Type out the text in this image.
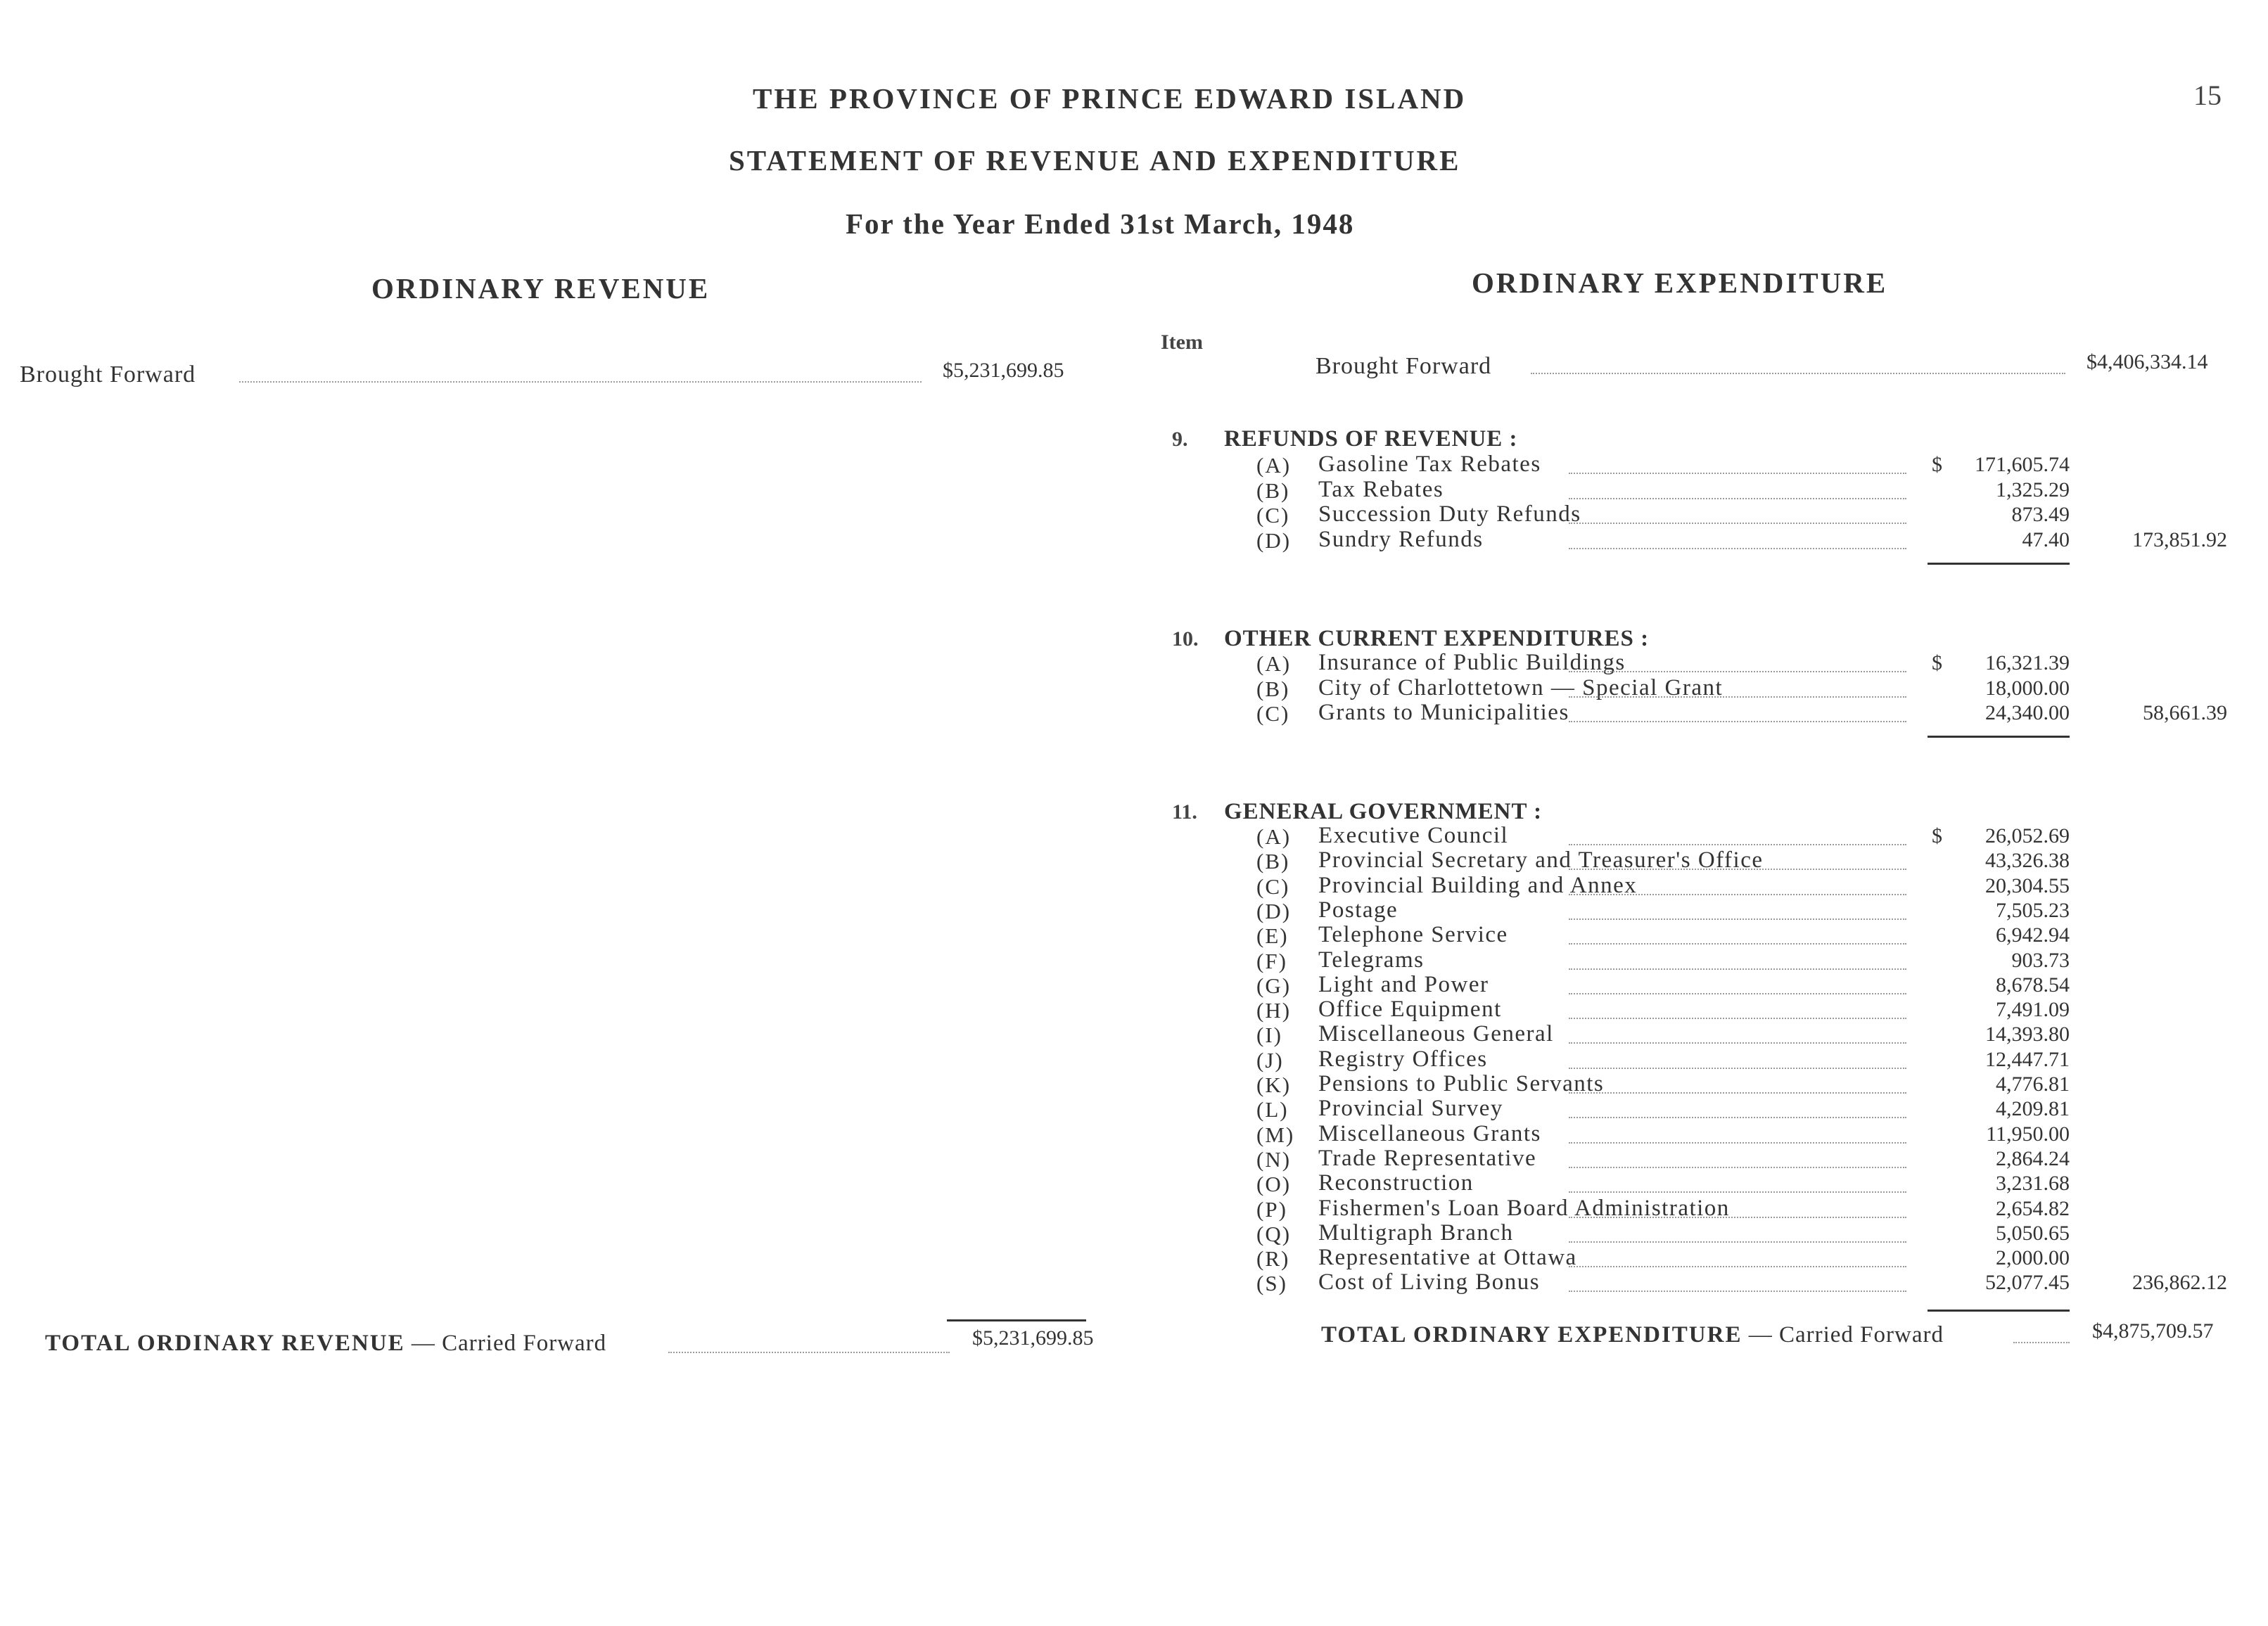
THE PROVINCE OF PRINCE EDWARD ISLAND	15
STATEMENT OF REVENUE AND EXPENDITURE
For the Year Ended 31st March, 1948
ORDINARY REVENUE	ORDINARY EXPENDITURE
Brought Forward	$5,231,699.85
TOTAL ORDINARY REVENUE — Carried Forward	$5,231,699.85
Item
Brought Forward	$4,406,334.14
9. REFUNDS OF REVENUE :
(A) Gasoline Tax Rebates	$	171,605.74
(B) Tax Rebates	1,325.29
(C) Succession Duty Refunds	873.49
(D) Sundry Refunds	47.40	173,851.92
10. OTHER CURRENT EXPENDITURES :
(A) Insurance of Public Buildings	$	16,321.39
(B) City of Charlottetown — Special Grant	18,000.00
(C) Grants to Municipalities	24,340.00	58,661.39
11. GENERAL GOVERNMENT :
(A) Executive Council	$	26,052.69
(B) Provincial Secretary and Treasurer's Office	43,326.38
(C) Provincial Building and Annex	20,304.55
(D) Postage	7,505.23
(E) Telephone Service	6,942.94
(F) Telegrams	903.73
(G) Light and Power	8,678.54
(H) Office Equipment	7,491.09
(I) Miscellaneous General	14,393.80
(J) Registry Offices	12,447.71
(K) Pensions to Public Servants	4,776.81
(L) Provincial Survey	4,209.81
(M) Miscellaneous Grants	11,950.00
(N) Trade Representative	2,864.24
(O) Reconstruction	3,231.68
(P) Fishermen's Loan Board Administration	2,654.82
(Q) Multigraph Branch	5,050.65
(R) Representative at Ottawa	2,000.00
(S) Cost of Living Bonus	52,077.45	236,862.12
TOTAL ORDINARY EXPENDITURE — Carried Forward	$4,875,709.57
